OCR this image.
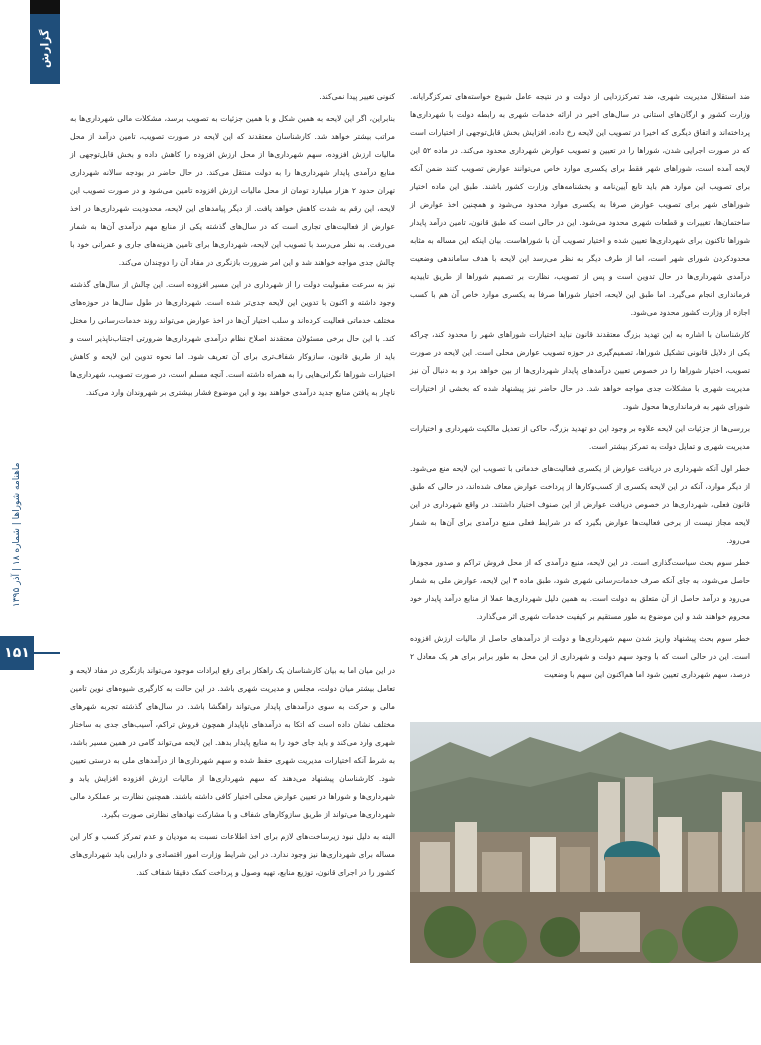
گزارش
ماهنامه شوراها | شماره ۱۸ | آذر ۱۳۹۵
۱۵۱

ضد استقلال مدیریت شهری، ضد تمرکززدایی از دولت و در نتیجه عامل شیوع خواسته‌های تمرکزگرایانه. وزارت کشور و ارگان‌های استانی در سال‌های اخیر در ارائه خدمات شهری به رابطه دولت با شهرداری‌ها پرداخته‌اند و اتفاق دیگری که اخیرا در تصویب این لایحه رخ داده، افزایش بخش قابل‌توجهی از اختیارات است که در صورت اجرایی شدن، شوراها را در تعیین و تصویب عوارض شهرداری محدود می‌کند. در ماده ۵۲ این لایحه آمده است، شوراهای شهر فقط برای یکسری موارد خاص می‌توانند عوارض تصویب کنند ضمن آنکه برای تصویب این موارد هم باید تابع آیین‌نامه و بخشنامه‌های وزارت کشور باشند. طبق این ماده اختیار شوراهای شهر برای تصویب عوارض صرفا به یکسری موارد محدود می‌شود و همچنین اخذ عوارض از ساختمان‌ها، تغییرات و قطعات شهری محدود می‌شود. این در حالی است که طبق قانون، تامین درآمد پایدار شوراها تاکنون برای شهرداری‌ها تعیین شده و اختیار تصویب آن با شوراهاست. بیان اینکه این مساله به مثابه محدودکردن شورای شهر است، اما از طرف دیگر به نظر می‌رسد این لایحه با هدف ساماندهی وضعیت درآمدی شهرداری‌ها در حال تدوین است و پس از تصویب، نظارت بر تصمیم شوراها از طریق تاییدیه فرمانداری انجام می‌گیرد. اما طبق این لایحه، اختیار شوراها صرفا به یکسری موارد خاص آن هم با کسب اجازه از وزارت کشور محدود می‌شود.

کارشناسان با اشاره به این تهدید بزرگ معتقدند قانون نباید اختیارات شوراهای شهر را محدود کند، چراکه یکی از دلایل قانونی تشکیل شوراها، تصمیم‌گیری در حوزه تصویب عوارض محلی است. این لایحه در صورت تصویب، اختیار شوراها را در خصوص تعیین درآمدهای پایدار شهرداری‌ها از بین خواهد برد و به دنبال آن نیز مدیریت شهری با مشکلات جدی مواجه خواهد شد. در حال حاضر نیز پیشنهاد شده که بخشی از اختیارات شورای شهر به فرمانداری‌ها محول شود.

بررسی‌ها از جزئیات این لایحه علاوه بر وجود این دو تهدید بزرگ، حاکی از تعدیل مالکیت شهرداری و اختیارات مدیریت شهری و تمایل دولت به تمرکز بیشتر است.

خطر اول آنکه شهرداری در دریافت عوارض از یکسری فعالیت‌های خدماتی با تصویب این لایحه منع می‌شود. از دیگر موارد، آنکه در این لایحه یکسری از کسب‌وکارها از پرداخت عوارض معاف شده‌اند، در حالی که طبق قانون فعلی، شهرداری‌ها در خصوص دریافت عوارض از این صنوف اختیار داشتند. در واقع شهرداری در این لایحه مجاز نیست از برخی فعالیت‌ها عوارض بگیرد که در شرایط فعلی منبع درآمدی برای آن‌ها به شمار می‌رود.

خطر سوم بحث سیاست‌گذاری است. در این لایحه، منبع درآمدی که از محل فروش تراکم و صدور مجوزها حاصل می‌شود، به جای آنکه صرف خدمات‌رسانی شهری شود، طبق ماده ۳ این لایحه، عوارض ملی به شمار می‌رود و درآمد حاصل از آن متعلق به دولت است. به همین دلیل شهرداری‌ها عملا از منابع درآمد پایدار خود محروم خواهند شد و این موضوع به طور مستقیم بر کیفیت خدمات شهری اثر می‌گذارد.

خطر سوم بحث پیشنهاد واریز شدن سهم شهرداری‌ها و دولت از درآمدهای حاصل از مالیات ارزش افزوده است. این در حالی است که با وجود سهم دولت و شهرداری از این محل به طور برابر برای هر یک معادل ۲ درصد، سهم شهرداری تعیین شود اما هم‌اکنون این سهم با وضعیت

کنونی تغییر پیدا نمی‌کند.

بنابراین، اگر این لایحه به همین شکل و با همین جزئیات به تصویب برسد، مشکلات مالی شهرداری‌ها به مراتب بیشتر خواهد شد. کارشناسان معتقدند که این لایحه در صورت تصویب، تامین درآمد از محل مالیات ارزش افزوده، سهم شهرداری‌ها از محل ارزش افزوده را کاهش داده و بخش قابل‌توجهی از منابع درآمدی پایدار شهرداری‌ها را به دولت منتقل می‌کند. در حال حاضر در بودجه سالانه شهرداری تهران حدود ۲ هزار میلیارد تومان از محل مالیات ارزش افزوده تامین می‌شود و در صورت تصویب این لایحه، این رقم به شدت کاهش خواهد یافت. از دیگر پیامدهای این لایحه، محدودیت شهرداری‌ها در اخذ عوارض از فعالیت‌های تجاری است که در سال‌های گذشته یکی از منابع مهم درآمدی آن‌ها به شمار می‌رفت. به نظر می‌رسد با تصویب این لایحه، شهرداری‌ها برای تامین هزینه‌های جاری و عمرانی خود با چالش جدی مواجه خواهند شد و این امر ضرورت بازنگری در مفاد آن را دوچندان می‌کند.

نیز به سرعت مقبولیت دولت را از شهرداری در این مسیر افزوده است. این چالش از سال‌های گذشته وجود داشته و اکنون با تدوین این لایحه جدی‌تر شده است. شهرداری‌ها در طول سال‌ها در حوزه‌های مختلف خدماتی فعالیت کرده‌اند و سلب اختیار آن‌ها در اخذ عوارض می‌تواند روند خدمات‌رسانی را مختل کند. با این حال برخی مسئولان معتقدند اصلاح نظام درآمدی شهرداری‌ها ضرورتی اجتناب‌ناپذیر است و باید از طریق قانون، سازوکار شفاف‌تری برای آن تعریف شود. اما نحوه تدوین این لایحه و کاهش اختیارات شوراها نگرانی‌هایی را به همراه داشته است. آنچه مسلم است، در صورت تصویب، شهرداری‌ها ناچار به یافتن منابع جدید درآمدی خواهند بود و این موضوع فشار بیشتری بر شهروندان وارد می‌کند.

در این میان اما به بیان کارشناسان یک راهکار برای رفع ایرادات موجود می‌تواند بازنگری در مفاد لایحه و تعامل بیشتر میان دولت، مجلس و مدیریت شهری باشد. در این حالت به کارگیری شیوه‌های نوین تامین مالی و حرکت به سوی درآمدهای پایدار می‌تواند راهگشا باشد. در سال‌های گذشته تجربه شهرهای مختلف نشان داده است که اتکا به درآمدهای ناپایدار همچون فروش تراکم، آسیب‌های جدی به ساختار شهری وارد می‌کند و باید جای خود را به منابع پایدار بدهد. این لایحه می‌تواند گامی در همین مسیر باشد، به شرط آنکه اختیارات مدیریت شهری حفظ شده و سهم شهرداری‌ها از درآمدهای ملی به درستی تعیین شود. کارشناسان پیشنهاد می‌دهند که سهم شهرداری‌ها از مالیات ارزش افزوده افزایش یابد و شهرداری‌ها و شوراها در تعیین عوارض محلی اختیار کافی داشته باشند. همچنین نظارت بر عملکرد مالی شهرداری‌ها می‌تواند از طریق سازوکارهای شفاف و با مشارکت نهادهای نظارتی صورت بگیرد.

البته به دلیل نبود زیرساخت‌های لازم برای اخذ اطلاعات نسبت به مودیان و عدم تمرکز کسب و کار این مساله برای شهرداری‌ها نیز وجود ندارد. در این شرایط وزارت امور اقتصادی و دارایی باید شهرداری‌های کشور را در اجرای قانون، توزیع منابع، تهیه وصول و پرداخت کمک دقیقا شفاف کند.
